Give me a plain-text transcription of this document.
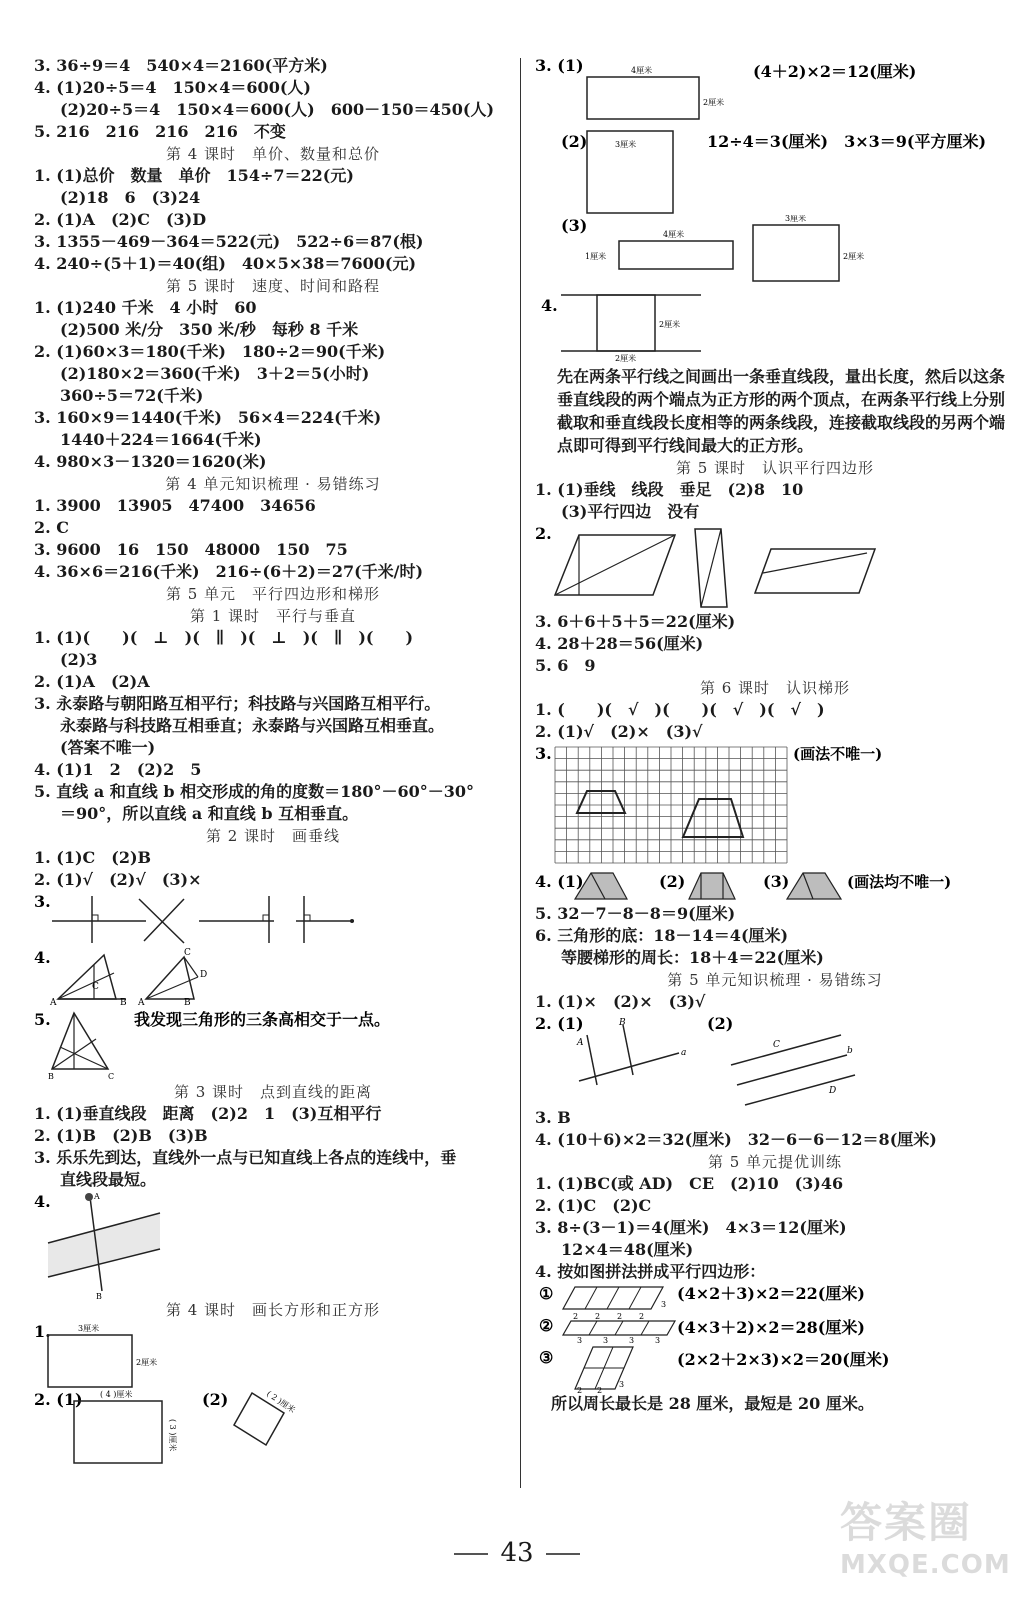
3. 36÷9＝4　540×4＝2160(平方米)
4. (1)20÷5＝4　150×4＝600(人)
(2)20÷5＝4　150×4＝600(人)　600－150＝450(人)
5. 216　216　216　216　不变
第 4 课时　单价、数量和总价
1. (1)总价　数量　单价　154÷7＝22(元)
(2)18　6　(3)24
2. (1)A　(2)C　(3)D
3. 1355－469－364＝522(元)　522÷6＝87(根)
4. 240÷(5＋1)＝40(组)　40×5×38＝7600(元)
第 5 课时　速度、时间和路程
1. (1)240 千米　4 小时　60
(2)500 米/分　350 米/秒　每秒 8 千米
2. (1)60×3＝180(千米)　180÷2＝90(千米)
(2)180×2＝360(千米)　3＋2＝5(小时)
360÷5＝72(千米)
3. 160×9＝1440(千米)　56×4＝224(千米)
1440＋224＝1664(千米)
4. 980×3－1320＝1620(米)
第 4 单元知识梳理 · 易错练习
1. 3900　13905　47400　34656
2. C
3. 9600　16　150　48000　150　75
4. 36×6＝216(千米)　216÷(6＋2)＝27(千米/时)
第 5 单元　平行四边形和梯形
第 1 课时　平行与垂直
1. (1)(　　)(　⊥　)(　∥　)(　⊥　)(　∥　)(　　)
(2)3
2. (1)A　(2)A
3. 永泰路与朝阳路互相平行；科技路与兴国路互相平行。
永泰路与科技路互相垂直；永泰路与兴国路互相垂直。
(答案不唯一)
4. (1)1　2　(2)2　5
5. 直线 a 和直线 b 相交形成的角的度数＝180°－60°－30°
＝90°，所以直线 a 和直线 b 互相垂直。
第 2 课时　画垂线
1. (1)C　(2)B
2. (1)√　(2)√　(3)×
3.
4.
A	B
C
A	B
C
D
5.
B	C
我发现三角形的三条高相交于一点。
第 3 课时　点到直线的距离
1. (1)垂直线段　距离　(2)2　1　(3)互相平行
2. (1)B　(2)B　(3)B
3. 乐乐先到达，直线外一点与已知直线上各点的连线中，垂
直线段最短。
4.	A
B
第 4 课时　画长方形和正方形
1.	3厘米
2厘米
2. (1) ( 4 )厘米
( 3 )厘米
(2)	( 2 )厘米
3. (1)	4厘米
2厘米
(4＋2)×2＝12(厘米)
(2)	3厘米	12÷4＝3(厘米)　3×3＝9(平方厘米)
(3)	4厘米
1厘米
3厘米
2厘米
4.
2厘米
2厘米
先在两条平行线之间画出一条垂直线段，量出长度，然后以这条垂直线段的两个端点为正方形的两个顶点，在两条平行线上分别截取和垂直线段长度相等的两条线段，连接截取线段的另两个端点即可得到平行线间最大的正方形。
第 5 课时　认识平行四边形
1. (1)垂线　线段　垂足　(2)8　10
(3)平行四边　没有
2.
3. 6＋6＋5＋5＝22(厘米)
4. 28＋28＝56(厘米)
5. 6　9
第 6 课时　认识梯形
1. (　　)(　√　)(　　)(　√　)(　√　)
2. (1)√　(2)×　(3)√
3.	(画法不唯一)
4. (1)	(2)	(3)	(画法均不唯一)
5. 32－7－8－8＝9(厘米)
6. 三角形的底：18－14＝4(厘米)
等腰梯形的周长：18＋4＝22(厘米)
第 5 单元知识梳理 · 易错练习
1. (1)×　(2)×　(3)√
2. (1)
A
B
a
(2)
C
b
D
3. B
4. (10＋6)×2＝32(厘米)　32－6－6－12＝8(厘米)
第 5 单元提优训练
1. (1)BC(或 AD)　CE　(2)10　(3)46
2. (1)C　(2)C
3. 8÷(3－1)＝4(厘米)　4×3＝12(厘米)
12×4＝48(厘米)
4. 按如图拼法拼成平行四边形：
①
2 2 2 2
3
(4×2＋3)×2＝22(厘米)
②
3	3	3	3
(4×3＋2)×2＝28(厘米)
③
2 2
3
(2×2＋2×3)×2＝20(厘米)
所以周长最长是 28 厘米，最短是 20 厘米。
43
答案圈
MXQE.COM
